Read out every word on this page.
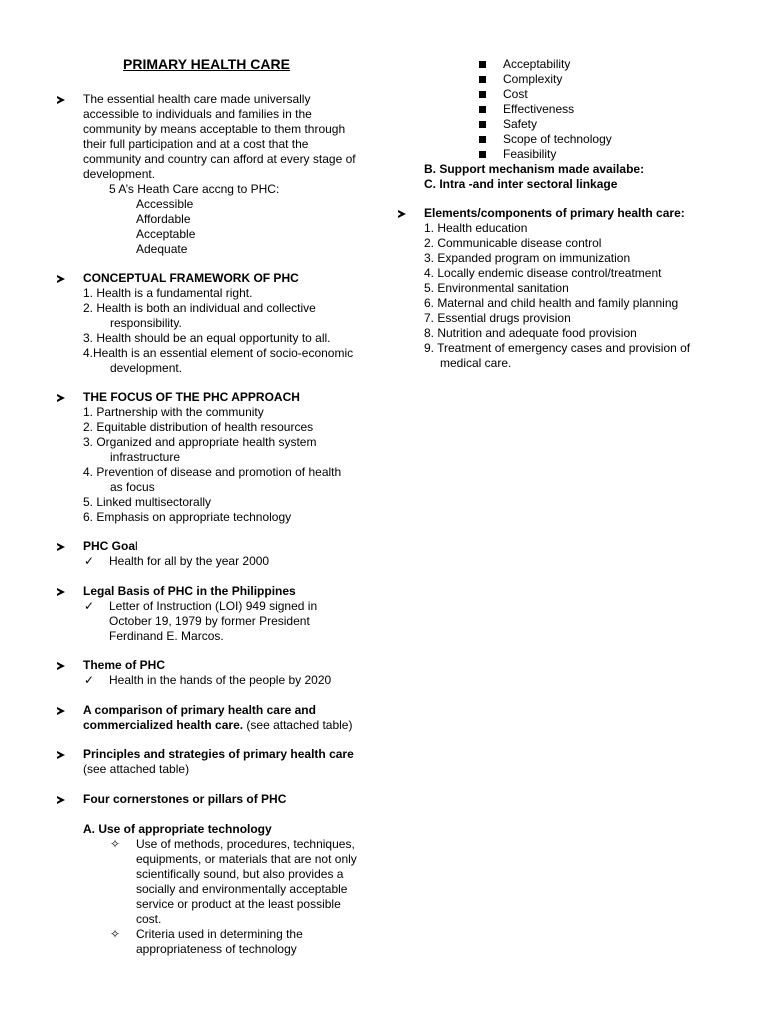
PRIMARY HEALTH CARE
The essential health care made universally
accessible to individuals and families in the
community by means acceptable to them through
their full participation and at a cost that the
community and country can afford at every stage of
development.
5 A’s Heath Care accng to PHC:
Accessible
Affordable
Acceptable
Adequate
CONCEPTUAL FRAMEWORK OF PHC
1. Health is a fundamental right.
2. Health is both an individual and collective
responsibility.
3. Health should be an equal opportunity to all.
4.Health is an essential element of socio-economic
development.
THE FOCUS OF THE PHC APPROACH
1. Partnership with the community
2. Equitable distribution of health resources
3. Organized and appropriate health system
infrastructure
4. Prevention of disease and promotion of health
as focus
5. Linked multisectorally
6. Emphasis on appropriate technology
PHC Goal
✓ Health for all by the year 2000
Legal Basis of PHC in the Philippines
✓ Letter of Instruction (LOI) 949 signed in
October 19, 1979 by former President
Ferdinand E. Marcos.
Theme of PHC
✓ Health in the hands of the people by 2020
A comparison of primary health care and
commercialized health care. (see attached table)
Principles and strategies of primary health care
(see attached table)
Four cornerstones or pillars of PHC
A. Use of appropriate technology
✧ Use of methods, procedures, techniques,
equipments, or materials that are not only
scientifically sound, but also provides a
socially and environmentally acceptable
service or product at the least possible
cost.
✧ Criteria used in determining the
appropriateness of technology
Acceptability
Complexity
Cost
Effectiveness
Safety
Scope of technology
Feasibility
B. Support mechanism made availabe:
C. Intra -and inter sectoral linkage
Elements/components of primary health care:
1. Health education
2. Communicable disease control
3. Expanded program on immunization
4. Locally endemic disease control/treatment
5. Environmental sanitation
6. Maternal and child health and family planning
7. Essential drugs provision
8. Nutrition and adequate food provision
9. Treatment of emergency cases and provision of
medical care.
